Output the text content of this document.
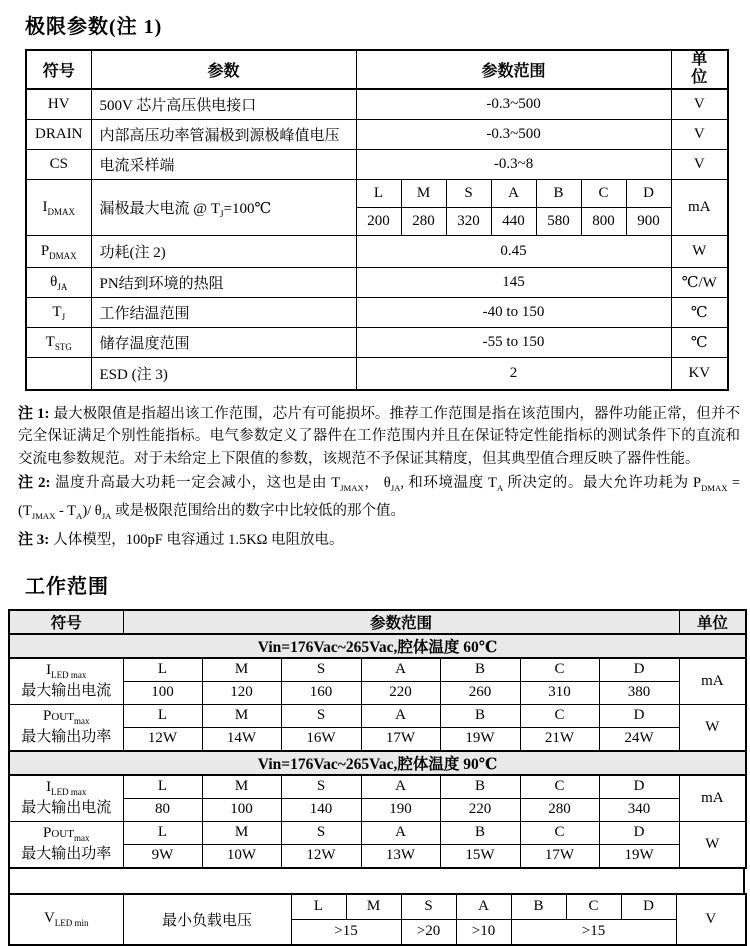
极限参数(注 1)
符号	参数	参数范围							单位
HV	500V 芯片高压供电接口	-0.3~500							V
DRAIN	内部高压功率管漏极到源极峰值电压	-0.3~500							V
CS	电流采样端	-0.3~8							V
$I_{DMAX}$	漏极最大电流 @ $T_J=100℃$	L	M	S	A	B	C	D	mA
		200	280	320	440	580	800	900	
$P_{DMAX}$	功耗(注 2)	0.45							W
$\theta_{JA}$	PN结到环境的热阻	145							℃/W
$T_J$	工作结温范围	-40 to 150							℃
$T_{STG}$	储存温度范围	-55 to 150							℃
	ESD (注 3)	2							KV

注 1: 最大极限值是指超出该工作范围，芯片有可能损坏。推荐工作范围是指在该范围内，器件功能正常，但并不完全保证满足个别性能指标。电气参数定义了器件在工作范围内并且在保证特定性能指标的测试条件下的直流和交流电参数规范。对于未给定上下限值的参数，该规范不予保证其精度，但其典型值合理反映了器件性能。

注 2: 温度升高最大功耗一定会减小，这也是由 $T_{JMAX}$， $\theta_{JA}$, 和环境温度 $T_A$ 所决定的。最大允许功耗为 $P_{DMAX} = (T_{JMAX} - T_A)/$ $\theta_{JA}$ 或是极限范围给出的数字中比较低的那个值。

注 3: 人体模型，100pF 电容通过 1.5KΩ 电阻放电。

工作范围
符号	参数范围							单位
Vin=176Vac~265Vac,腔体温度 60℃								

$I_{LED max}$
最大输出电流	L	M	S	A	B	C	D	mA
	100	120	160	220	260	310	380	

$POUT_{max}$
最大输出功率	L	M	S	A	B	C	D	W
	12W	14W	16W	17W	19W	21W	24W	
Vin=176Vac~265Vac,腔体温度 90℃								

$I_{LED max}$
最大输出电流	L	M	S	A	B	C	D	mA
	80	100	140	190	220	280	340	

$POUT_{max}$
最大输出功率	L	M	S	A	B	C	D	W
	9W	10W	12W	13W	15W	17W	19W	
$V_{LED min}$	最小负载电压	L	M	S	A	B	C	D	V
		>15		>20	>10	>15			
